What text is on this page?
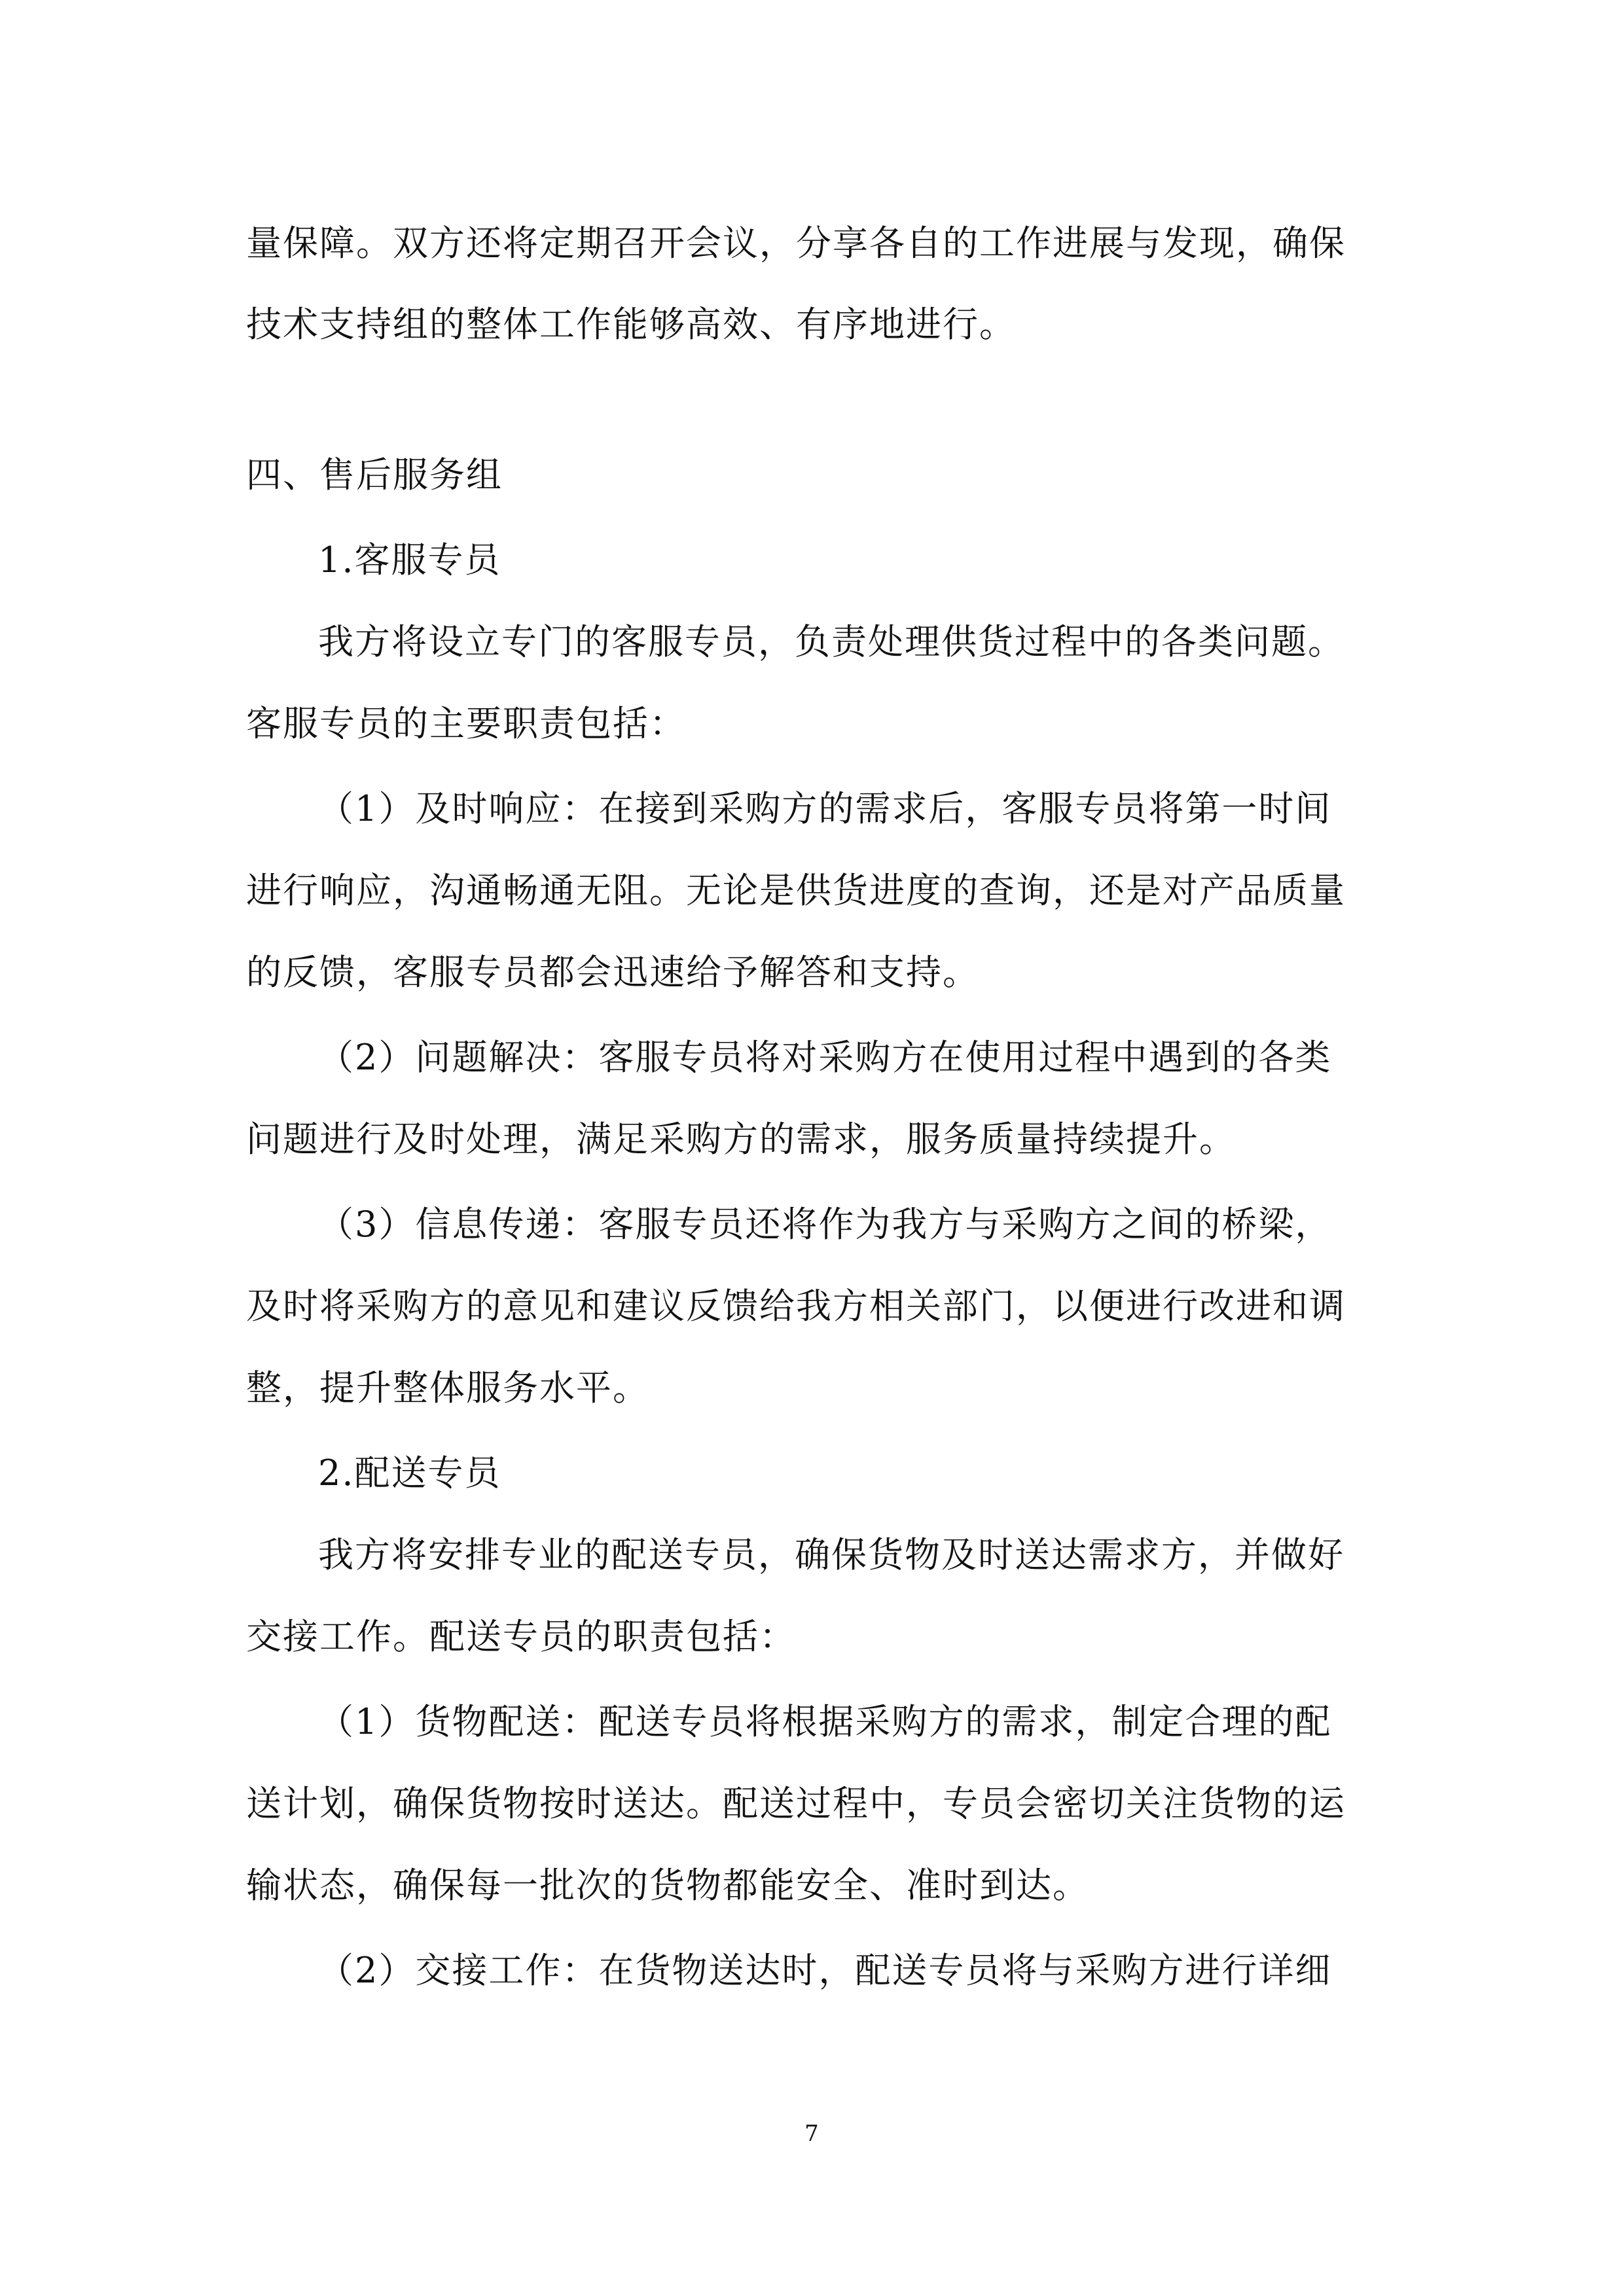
量保障。双方还将定期召开会议，分享各自的工作进展与发现，确保
技术支持组的整体工作能够高效、有序地进行。
四、售后服务组
1.客服专员
我方将设立专门的客服专员，负责处理供货过程中的各类问题。
客服专员的主要职责包括：
（1）及时响应：在接到采购方的需求后，客服专员将第一时间
进行响应，沟通畅通无阻。无论是供货进度的查询，还是对产品质量
的反馈，客服专员都会迅速给予解答和支持。
（2）问题解决：客服专员将对采购方在使用过程中遇到的各类
问题进行及时处理，满足采购方的需求，服务质量持续提升。
（3）信息传递：客服专员还将作为我方与采购方之间的桥梁，
及时将采购方的意见和建议反馈给我方相关部门，以便进行改进和调
整，提升整体服务水平。
2.配送专员
我方将安排专业的配送专员，确保货物及时送达需求方，并做好
交接工作。配送专员的职责包括：
（1）货物配送：配送专员将根据采购方的需求，制定合理的配
送计划，确保货物按时送达。配送过程中，专员会密切关注货物的运
输状态，确保每一批次的货物都能安全、准时到达。
（2）交接工作：在货物送达时，配送专员将与采购方进行详细
7
